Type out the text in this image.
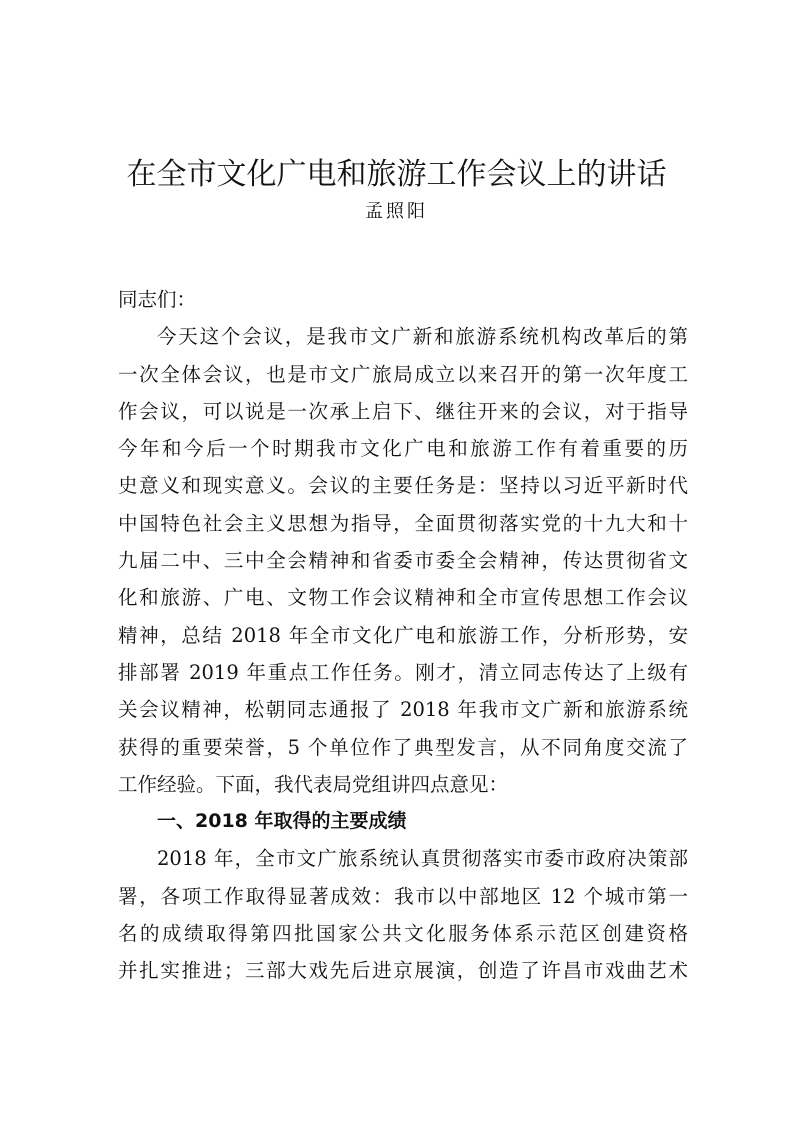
在全市文化广电和旅游工作会议上的讲话
孟照阳
同志们：
今天这个会议，是我市文广新和旅游系统机构改革后的第
一次全体会议，也是市文广旅局成立以来召开的第一次年度工
作会议，可以说是一次承上启下、继往开来的会议，对于指导
今年和今后一个时期我市文化广电和旅游工作有着重要的历
史意义和现实意义。会议的主要任务是：坚持以习近平新时代
中国特色社会主义思想为指导，全面贯彻落实党的十九大和十
九届二中、三中全会精神和省委市委全会精神，传达贯彻省文
化和旅游、广电、文物工作会议精神和全市宣传思想工作会议
精神，总结 2018 年全市文化广电和旅游工作，分析形势，安
排部署 2019 年重点工作任务。刚才，清立同志传达了上级有
关会议精神，松朝同志通报了 2018 年我市文广新和旅游系统
获得的重要荣誉，5 个单位作了典型发言，从不同角度交流了
工作经验。下面，我代表局党组讲四点意见：
一、2018 年取得的主要成绩
2018 年，全市文广旅系统认真贯彻落实市委市政府决策部
署，各项工作取得显著成效：我市以中部地区 12 个城市第一
名的成绩取得第四批国家公共文化服务体系示范区创建资格
并扎实推进；三部大戏先后进京展演，创造了许昌市戏曲艺术
